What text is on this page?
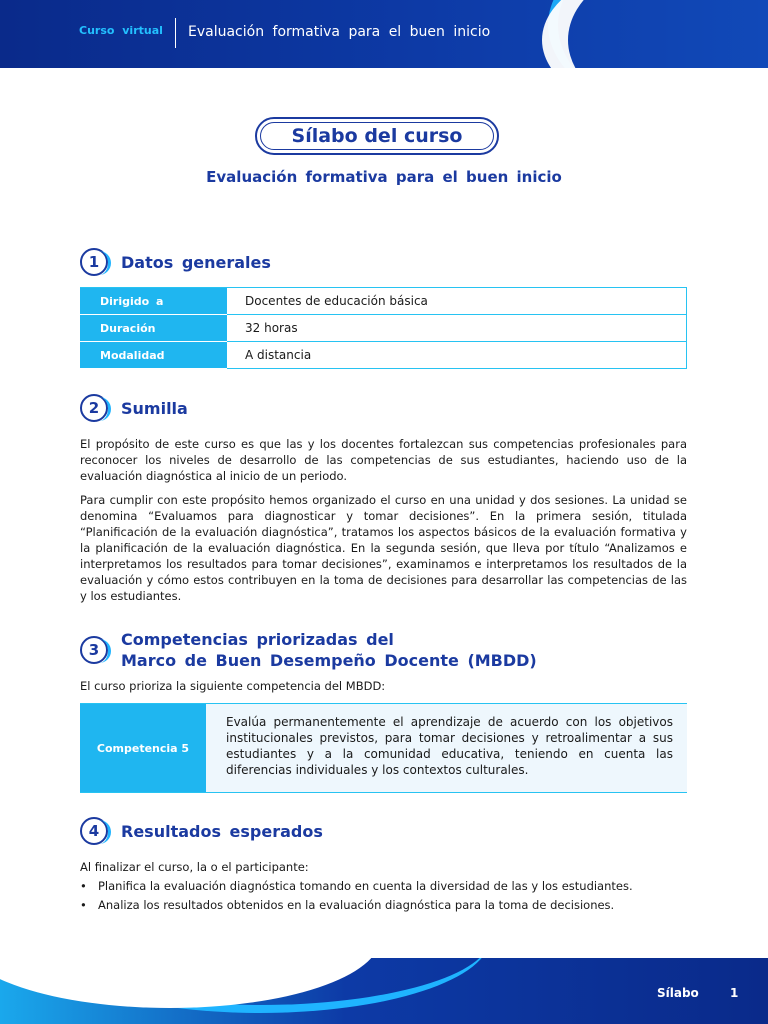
Curso virtual Evaluación formativa para el buen inicio
Sílabo del curso
Evaluación formativa para el buen inicio
1 Datos generales
Dirigido a	Docentes de educación básica
Duración	32 horas
Modalidad	A distancia
2 Sumilla
El propósito de este curso es que las y los docentes fortalezcan sus competencias profesionales para reconocer los niveles de desarrollo de las competencias de sus estudiantes, haciendo uso de la evaluación diagnóstica al inicio de un periodo.
Para cumplir con este propósito hemos organizado el curso en una unidad y dos sesiones. La unidad se denomina “Evaluamos para diagnosticar y tomar decisiones”. En la primera sesión, titulada “Planificación de la evaluación diagnóstica”, tratamos los aspectos básicos de la evaluación formativa y la planificación de la evaluación diagnóstica. En la segunda sesión, que lleva por título “Analizamos e interpretamos los resultados para tomar decisiones”, examinamos e interpretamos los resultados de la evaluación y cómo estos contribuyen en la toma de decisiones para desarrollar las competencias de las y los estudiantes.
3
Competencias priorizadas del
Marco de Buen Desempeño Docente (MBDD)
El curso prioriza la siguiente competencia del MBDD:
Competencia 5
Evalúa permanentemente el aprendizaje de acuerdo con los objetivos institucionales previstos, para tomar decisiones y retroalimentar a sus estudiantes y a la comunidad educativa, teniendo en cuenta las diferencias individuales y los contextos culturales.
4 Resultados esperados
Al finalizar el curso, la o el participante:
• Planifica la evaluación diagnóstica tomando en cuenta la diversidad de las y los estudiantes.
• Analiza los resultados obtenidos en la evaluación diagnóstica para la toma de decisiones.
Sílabo	1
